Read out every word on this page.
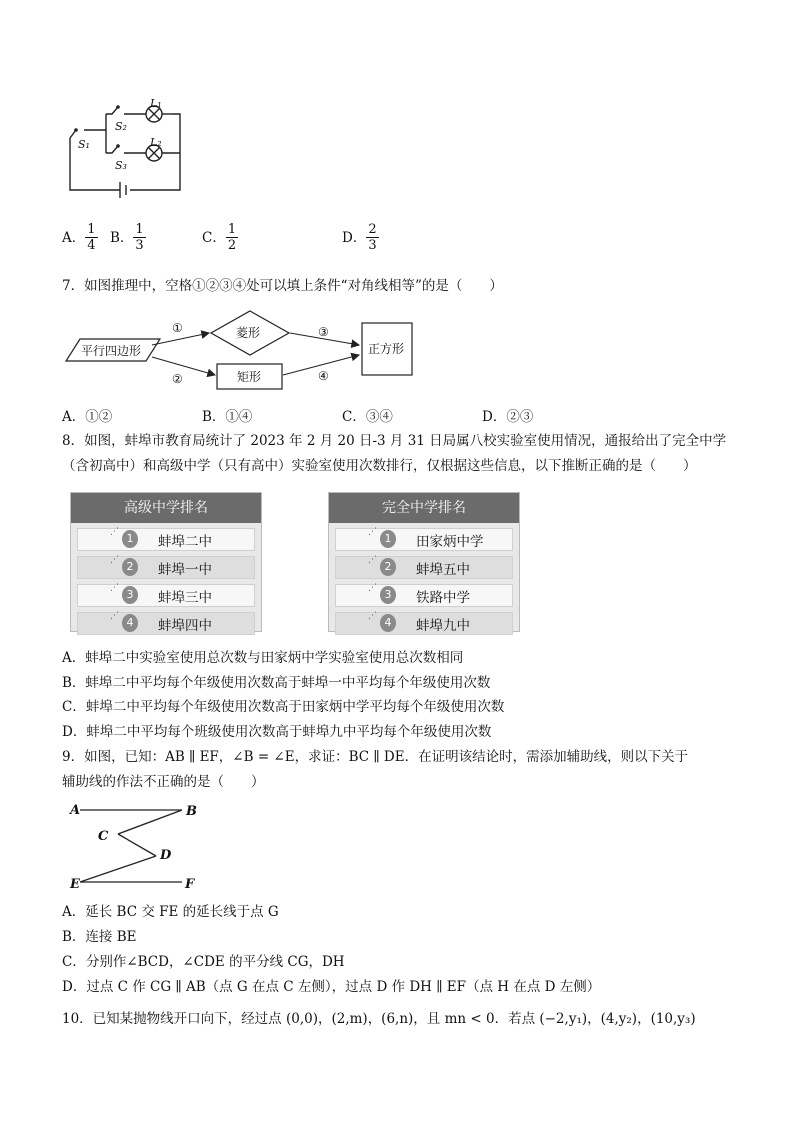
S₁
S₂
S₃
L₁
L₂
A． $\frac{1}{4}$ B． $\frac{1}{3}$	C． $\frac{1}{2}$	D． $\frac{2}{3}$
7．如图推理中，空格①②③④处可以填上条件“对角线相等”的是（　　）
平行四边形
菱形
矩形
正方形
①
②
③
④
A．①②	B．①④	C．③④	D．②③
8．如图，蚌埠市教育局统计了 2023 年 2 月 20 日-3 月 31 日局属八校实验室使用情况，通报给出了完全中学
（含初高中）和高级中学（只有高中）实验室使用次数排行，仅根据这些信息，以下推断正确的是（　　）
高级中学排名
⋰ 1	蚌埠二中
⋰ 2	蚌埠一中
⋰ 3	蚌埠三中
⋰ 4	蚌埠四中
完全中学排名
⋰ 1	田家炳中学
⋰ 2	蚌埠五中
⋰ 3	铁路中学
⋰ 4	蚌埠九中
A．蚌埠二中实验室使用总次数与田家炳中学实验室使用总次数相同
B．蚌埠二中平均每个年级使用次数高于蚌埠一中平均每个年级使用次数
C．蚌埠二中平均每个年级使用次数高于田家炳中学平均每个年级使用次数
D．蚌埠二中平均每个班级使用次数高于蚌埠九中平均每个年级使用次数
9．如图，已知：AB ∥ EF，∠B = ∠E，求证：BC ∥ DE．在证明该结论时，需添加辅助线，则以下关于
辅助线的作法不正确的是（　　）
A	B
C
D
E	F
A．延长 BC 交 FE 的延长线于点 G
B．连接 BE
C．分别作∠BCD，∠CDE 的平分线 CG，DH
D．过点 C 作 CG ∥ AB（点 G 在点 C 左侧），过点 D 作 DH ∥ EF（点 H 在点 D 左侧）
10．已知某抛物线开口向下，经过点 (0,0)，(2,m)，(6,n)，且 mn < 0．若点 (−2,y₁)，(4,y₂)，(10,y₃)
